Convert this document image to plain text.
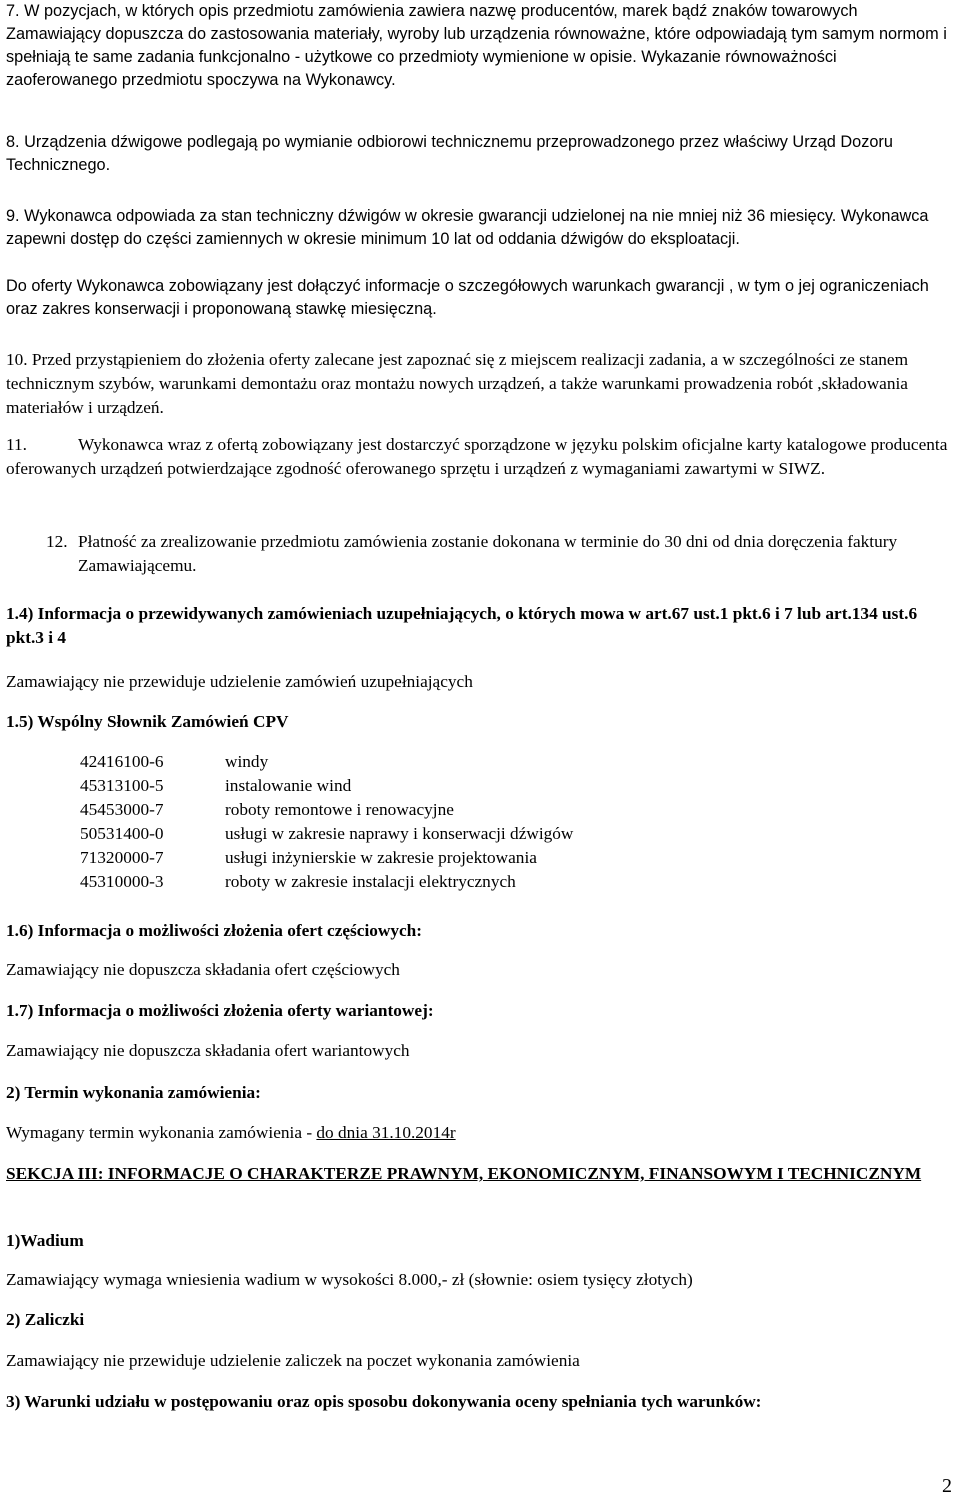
7. W pozycjach, w których opis przedmiotu zamówienia zawiera nazwę producentów, marek bądź znaków towarowych Zamawiający dopuszcza do zastosowania materiały, wyroby lub urządzenia równoważne, które odpowiadają tym samym normom i spełniają te same zadania funkcjonalno - użytkowe co przedmioty wymienione w opisie. Wykazanie równoważności zaoferowanego przedmiotu spoczywa na Wykonawcy.

8. Urządzenia dźwigowe podlegają po wymianie odbiorowi technicznemu przeprowadzonego przez właściwy Urząd Dozoru Technicznego.

9. Wykonawca odpowiada za stan techniczny dźwigów w okresie gwarancji udzielonej na nie mniej niż 36 miesięcy. Wykonawca zapewni dostęp do części zamiennych w okresie minimum 10 lat od oddania dźwigów do eksploatacji.

Do oferty Wykonawca zobowiązany jest dołączyć informacje o szczegółowych warunkach gwarancji , w tym o jej ograniczeniach oraz zakres konserwacji i proponowaną stawkę miesięczną.

10. Przed przystąpieniem do złożenia oferty zalecane jest zapoznać się z miejscem realizacji zadania, a w szczególności ze stanem technicznym szybów, warunkami demontażu oraz montażu nowych urządzeń, a także warunkami prowadzenia robót ,składowania materiałów i urządzeń.

11.	Wykonawca wraz z ofertą zobowiązany jest dostarczyć sporządzone w języku polskim oficjalne karty katalogowe producenta oferowanych urządzeń potwierdzające zgodność oferowanego sprzętu i urządzeń z wymaganiami zawartymi w SIWZ.
12. Płatność za zrealizowanie przedmiotu zamówienia zostanie dokonana w terminie do 30 dni od dnia doręczenia faktury Zamawiającemu.

1.4) Informacja o przewidywanych zamówieniach uzupełniających, o których mowa w art.67 ust.1 pkt.6 i 7 lub art.134 ust.6 pkt.3 i 4

Zamawiający nie przewiduje udzielenie zamówień uzupełniających

1.5) Wspólny Słownik Zamówień CPV

42416100-6	windy
45313100-5	instalowanie wind
45453000-7	roboty remontowe i renowacyjne
50531400-0	usługi w zakresie naprawy i konserwacji dźwigów
71320000-7	usługi inżynierskie w zakresie projektowania
45310000-3	roboty w zakresie instalacji elektrycznych

1.6) Informacja o możliwości złożenia ofert częściowych:

Zamawiający nie dopuszcza składania ofert częściowych

1.7) Informacja o możliwości złożenia oferty wariantowej:

Zamawiający nie dopuszcza składania ofert wariantowych

2) Termin wykonania zamówienia:

Wymagany termin wykonania zamówienia - do dnia 31.10.2014r

SEKCJA III: INFORMACJE O CHARAKTERZE PRAWNYM, EKONOMICZNYM, FINANSOWYM I TECHNICZNYM

1)Wadium

Zamawiający wymaga wniesienia wadium w wysokości 8.000,- zł (słownie: osiem tysięcy złotych)

2) Zaliczki

Zamawiający nie przewiduje udzielenie zaliczek na poczet wykonania zamówienia

3) Warunki udziału w postępowaniu oraz opis sposobu dokonywania oceny spełniania tych warunków:

2
